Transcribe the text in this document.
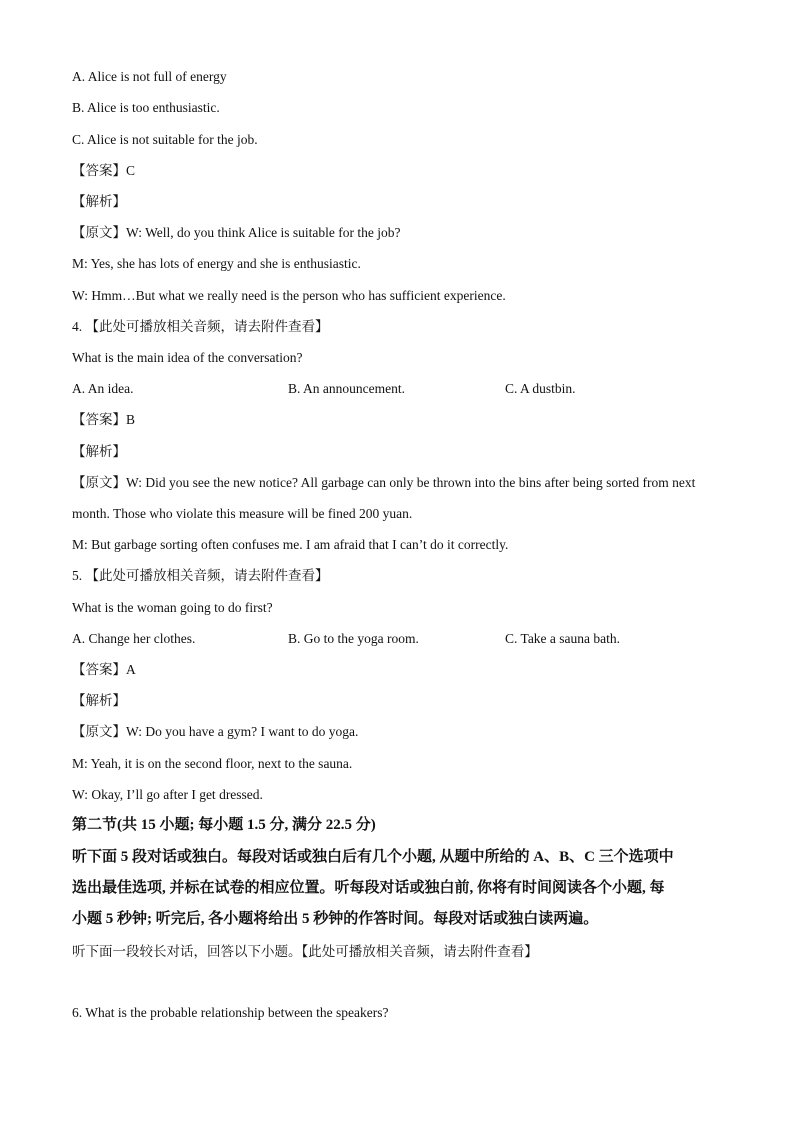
A. Alice is not full of energy
B. Alice is too enthusiastic.
C. Alice is not suitable for the job.
【答案】C
【解析】
【原文】W: Well, do you think Alice is suitable for the job?
M: Yes, she has lots of energy and she is enthusiastic.
W: Hmm…But what we really need is the person who has sufficient experience.
4. 【此处可播放相关音频，请去附件查看】
What is the main idea of the conversation?
A. An idea.	B. An announcement.	C. A dustbin.
【答案】B
【解析】
【原文】W: Did you see the new notice? All garbage can only be thrown into the bins after being sorted from next
month. Those who violate this measure will be fined 200 yuan.
M: But garbage sorting often confuses me. I am afraid that I can’t do it correctly.
5. 【此处可播放相关音频，请去附件查看】
What is the woman going to do first?
A. Change her clothes.	B. Go to the yoga room.	C. Take a sauna bath.
【答案】A
【解析】
【原文】W: Do you have a gym? I want to do yoga.
M: Yeah, it is on the second floor, next to the sauna.
W: Okay, I’ll go after I get dressed.
第二节(共 15 小题; 每小题 1.5 分, 满分 22.5 分)
听下面 5 段对话或独白。每段对话或独白后有几个小题, 从题中所给的 A、B、C 三个选项中
选出最佳选项, 并标在试卷的相应位置。听每段对话或独白前, 你将有时间阅读各个小题, 每
小题 5 秒钟; 听完后, 各小题将给出 5 秒钟的作答时间。每段对话或独白读两遍。
听下面一段较长对话，回答以下小题。【此处可播放相关音频，请去附件查看】
6. What is the probable relationship between the speakers?
